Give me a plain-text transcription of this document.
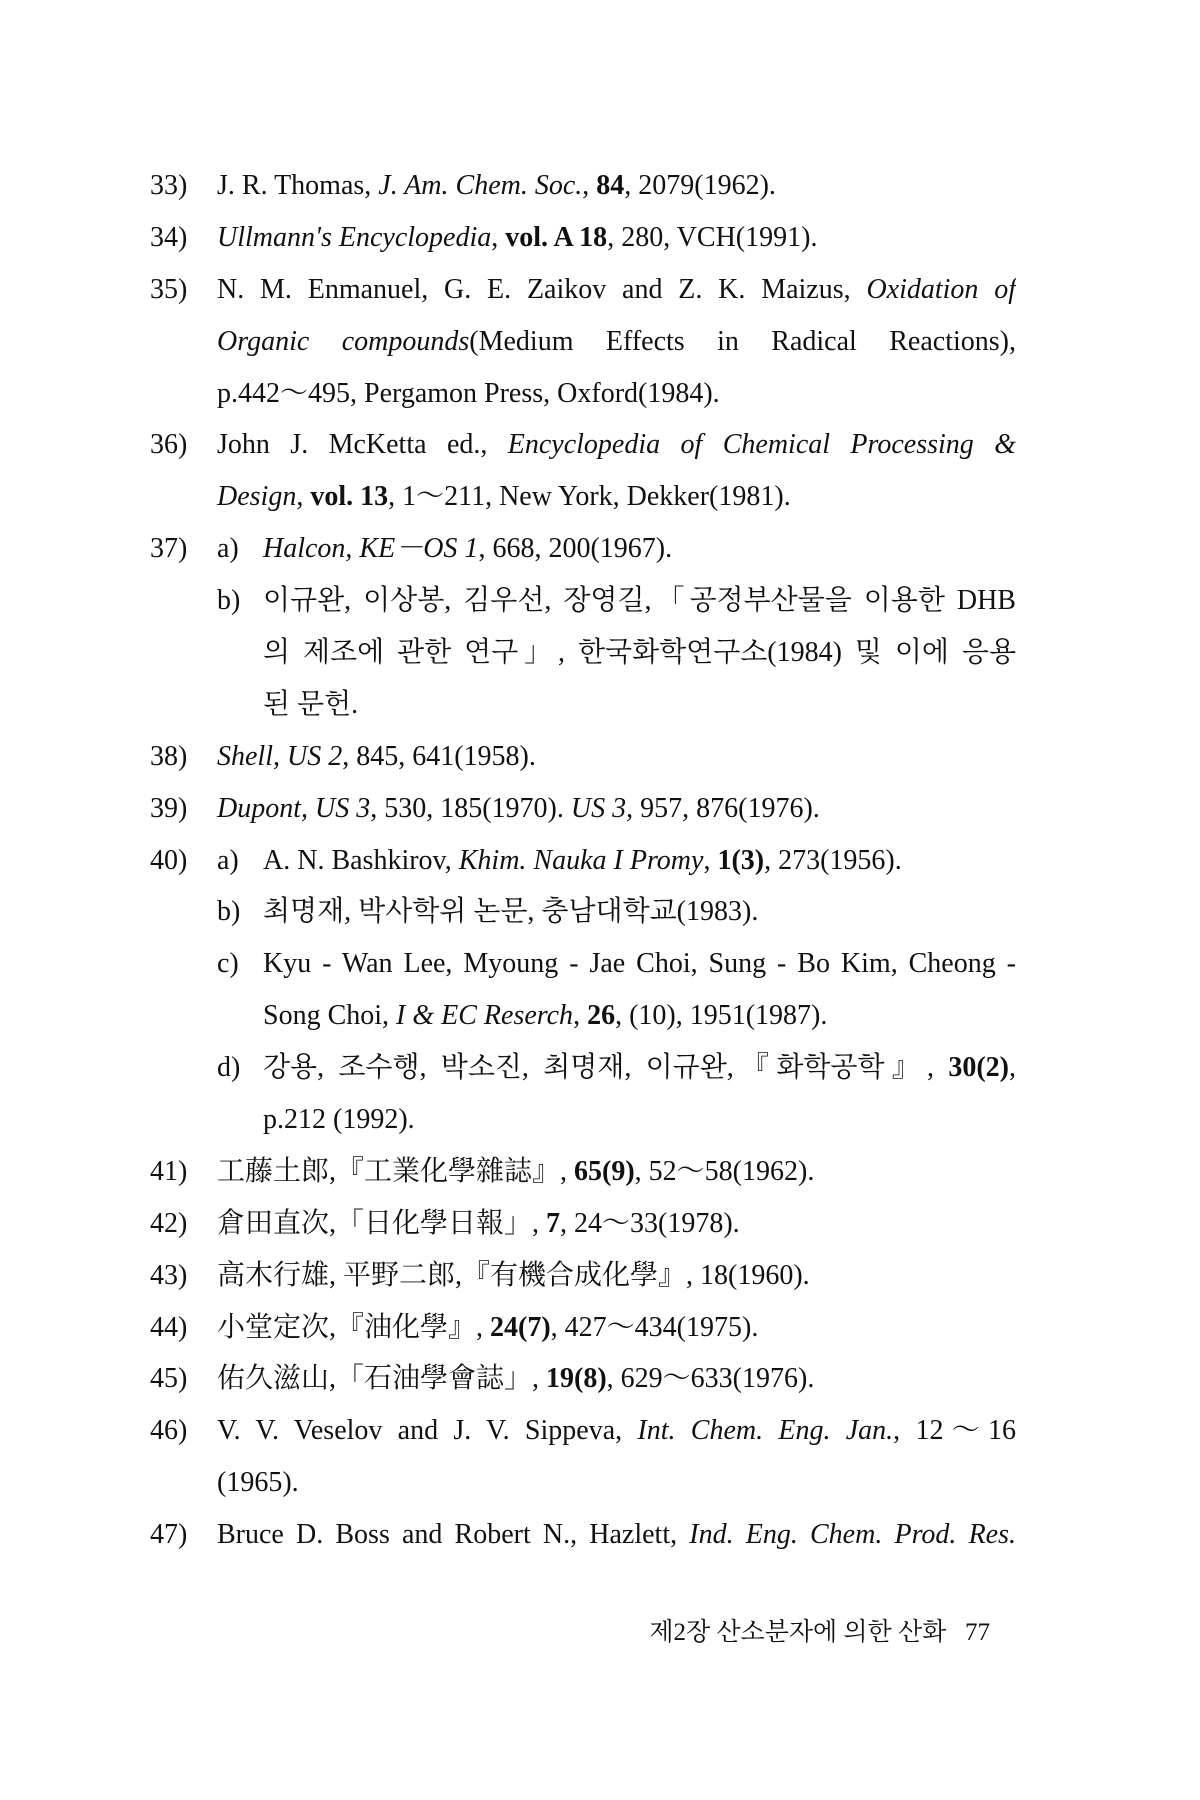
33) J. R. Thomas, J. Am. Chem. Soc., 84, 2079(1962).
34) Ullmann's Encyclopedia, vol. A 18, 280, VCH(1991).
35) N. M. Enmanuel, G. E. Zaikov and Z. K. Maizus, Oxidation of
Organic compounds(Medium Effects in Radical Reactions),
p.442～495, Pergamon Press, Oxford(1984).
36) John J. McKetta ed., Encyclopedia of Chemical Processing &
Design, vol. 13, 1～211, New York, Dekker(1981).
37) a) Halcon, KE－OS 1, 668, 200(1967).
b) 이규완, 이상봉, 김우선, 장영길,「공정부산물을 이용한 DHB
의 제조에 관한 연구」, 한국화학연구소(1984) 및 이에 응용
된 문헌.
38) Shell, US 2, 845, 641(1958).
39) Dupont, US 3, 530, 185(1970). US 3, 957, 876(1976).
40) a) A. N. Bashkirov, Khim. Nauka I Promy, 1(3), 273(1956).
b) 최명재, 박사학위 논문, 충남대학교(1983).
c) Kyu - Wan Lee, Myoung - Jae Choi, Sung - Bo Kim, Cheong -
Song Choi, I & EC Reserch, 26, (10), 1951(1987).
d) 강용, 조수행, 박소진, 최명재, 이규완,『화학공학』, 30(2),
p.212 (1992).
41) 工藤土郎,『工業化學雜誌』, 65(9), 52～58(1962).
42) 倉田直次,「日化學日報」, 7, 24～33(1978).
43) 高木行雄, 平野二郎,『有機合成化學』, 18(1960).
44) 小堂定次,『油化學』, 24(7), 427～434(1975).
45) 佑久滋山,「石油學會誌」, 19(8), 629～633(1976).
46) V. V. Veselov and J. V. Sippeva, Int. Chem. Eng. Jan., 12～16
(1965).
47) Bruce D. Boss and Robert N., Hazlett, Ind. Eng. Chem. Prod. Res.
제2장 산소분자에 의한 산화 77
